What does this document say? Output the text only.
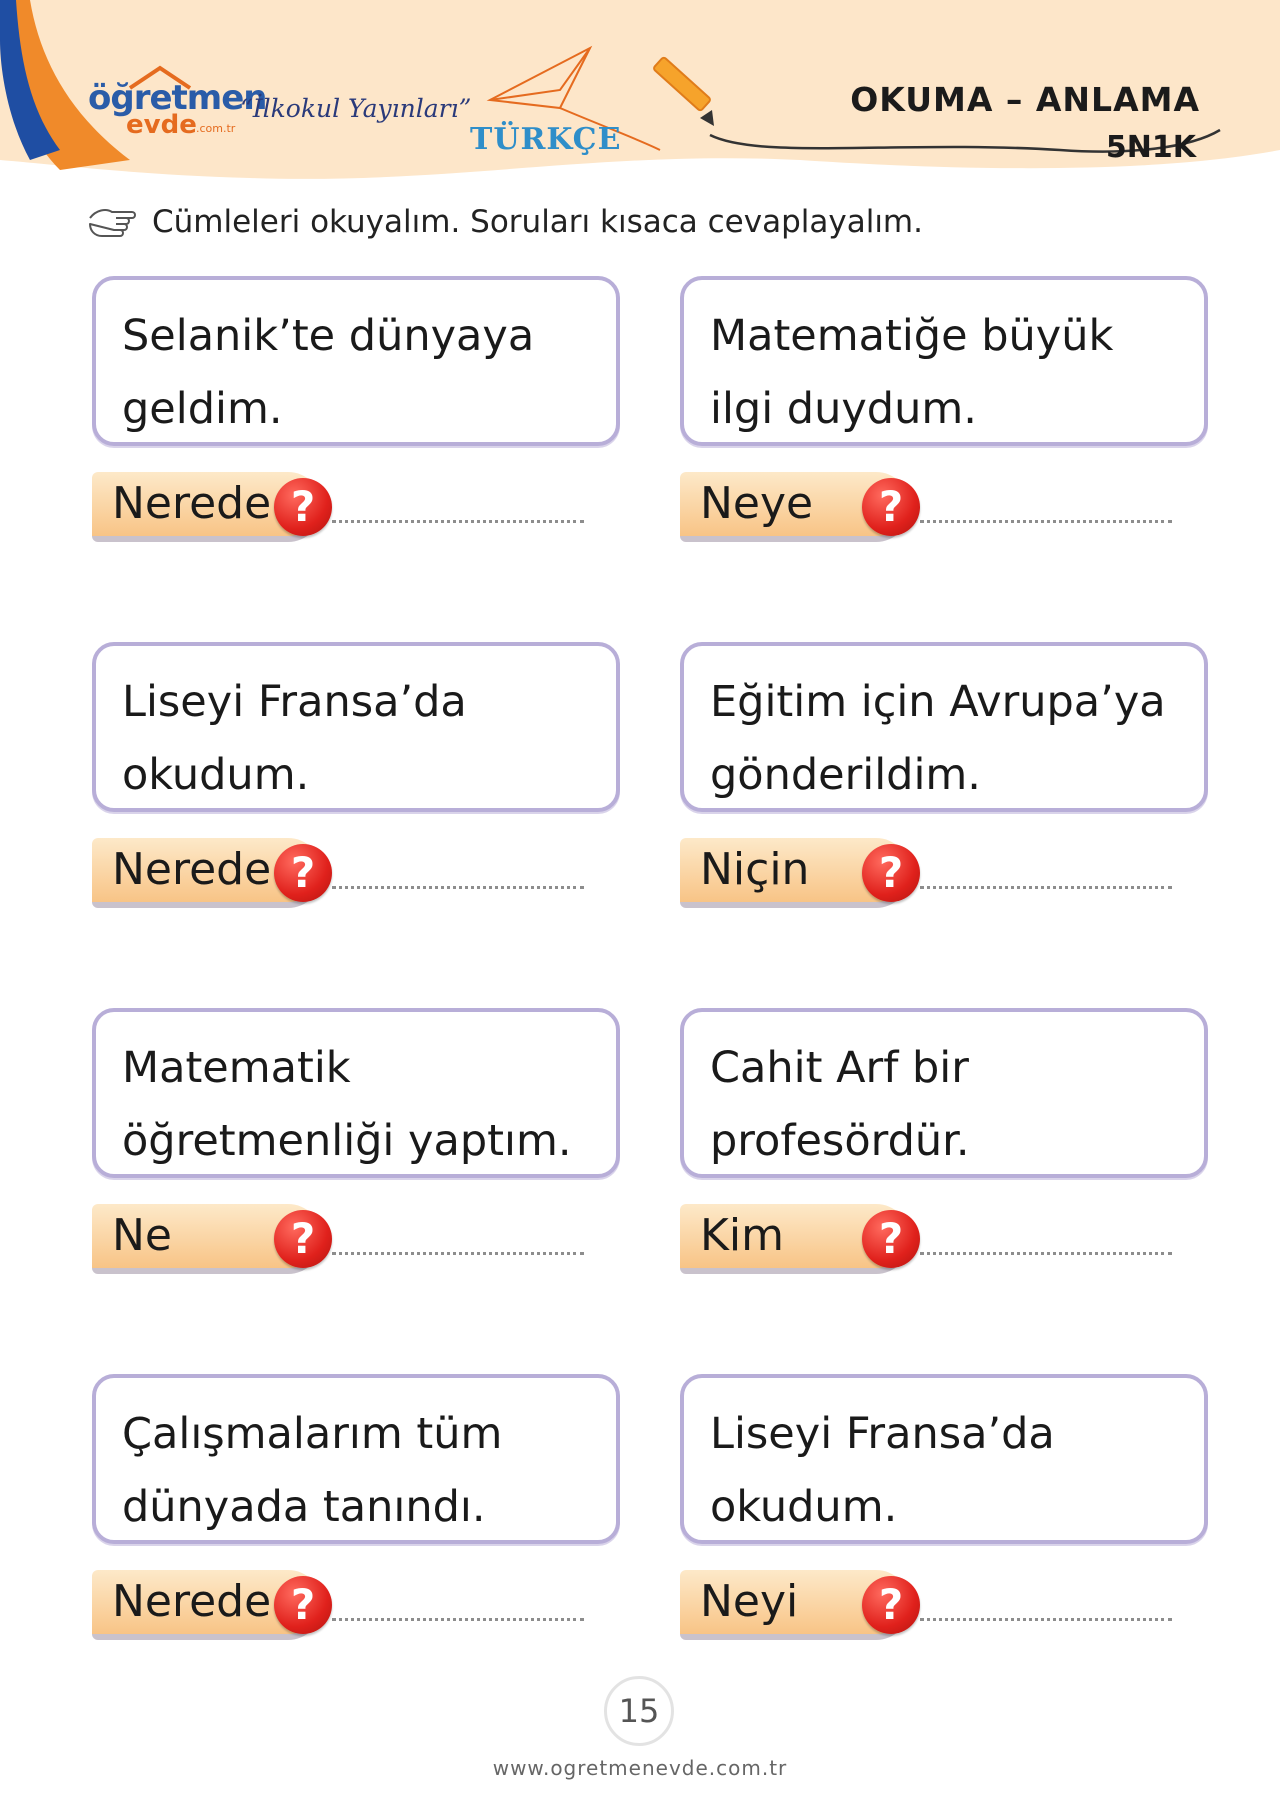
öğretmen
evde .com.tr
“İlkokul Yayınları”
TÜRKÇE
OKUMA – ANLAMA
5N1K
Cümleleri okuyalım. Soruları kısaca cevaplayalım.
Selanik’te dünyaya geldim.
Nerede ?
Matematiğe büyük ilgi duydum.
Neye	?
Liseyi Fransa’da okudum.
Nerede ?
Eğitim için Avrupa’ya gönderildim.
Niçin	?
Matematik öğretmenliği yaptım.
Ne	?
Cahit Arf bir profesördür.
Kim	?
Çalışmalarım tüm dünyada tanındı.
Nerede ?
Liseyi Fransa’da okudum.
Neyi	?
15
www.ogretmenevde.com.tr
